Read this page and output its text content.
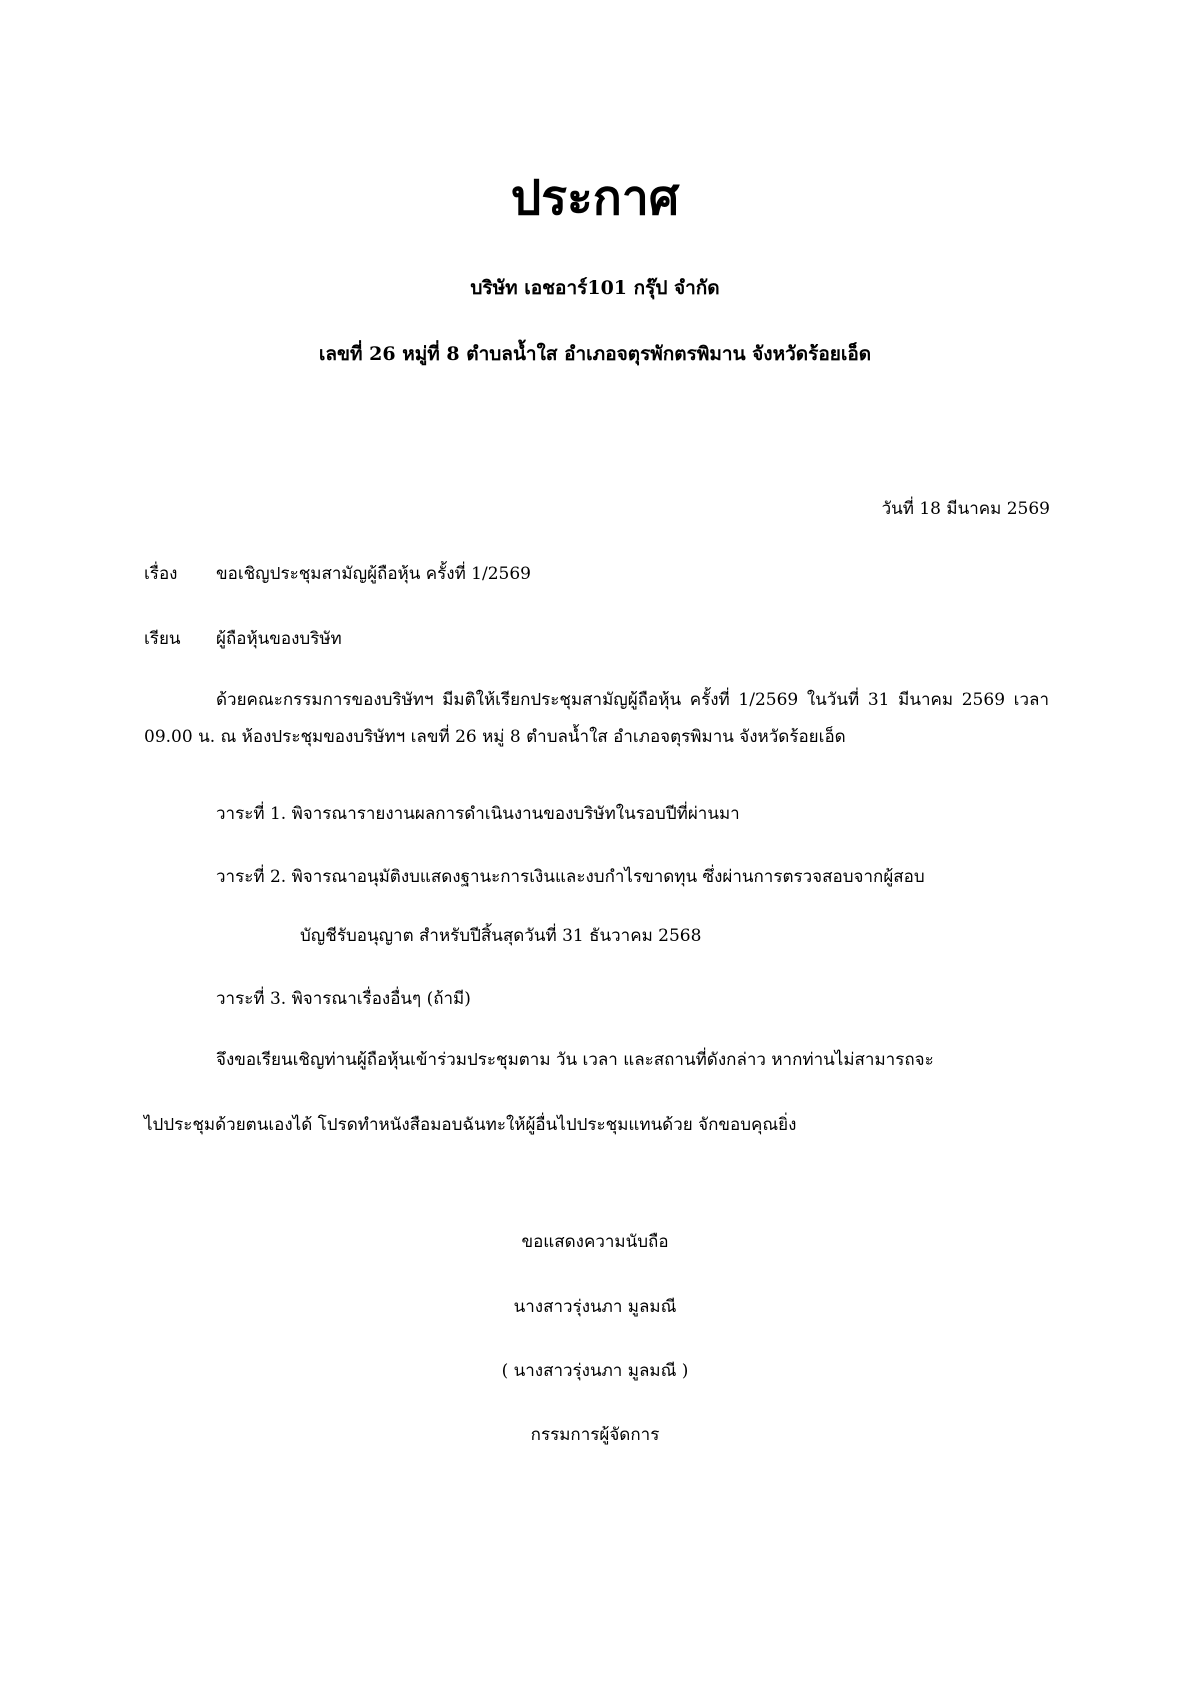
ประกาศ
บริษัท เอชอาร์101 กรุ๊ป จำกัด
เลขที่ 26 หมู่ที่ 8 ตำบลน้ำใส อำเภอจตุรพักตรพิมาน จังหวัดร้อยเอ็ด
วันที่ 18 มีนาคม 2569
เรื่อง ขอเชิญประชุมสามัญผู้ถือหุ้น ครั้งที่ 1/2569
เรียน ผู้ถือหุ้นของบริษัท
ด้วยคณะกรรมการของบริษัทฯ มีมติให้เรียกประชุมสามัญผู้ถือหุ้น ครั้งที่ 1/2569 ในวันที่ 31 มีนาคม 2569 เวลา 09.00 น. ณ ห้องประชุมของบริษัทฯ เลขที่ 26 หมู่ 8 ตำบลน้ำใส อำเภอจตุรพิมาน จังหวัดร้อยเอ็ด
วาระที่ 1. พิจารณารายงานผลการดำเนินงานของบริษัทในรอบปีที่ผ่านมา
วาระที่ 2. พิจารณาอนุมัติงบแสดงฐานะการเงินและงบกำไรขาดทุน ซึ่งผ่านการตรวจสอบจากผู้สอบ
บัญชีรับอนุญาต สำหรับปีสิ้นสุดวันที่ 31 ธันวาคม 2568
วาระที่ 3. พิจารณาเรื่องอื่นๆ (ถ้ามี)
จึงขอเรียนเชิญท่านผู้ถือหุ้นเข้าร่วมประชุมตาม วัน เวลา และสถานที่ดังกล่าว หากท่านไม่สามารถจะ
ไปประชุมด้วยตนเองได้ โปรดทำหนังสือมอบฉันทะให้ผู้อื่นไปประชุมแทนด้วย จักขอบคุณยิ่ง
ขอแสดงความนับถือ
นางสาวรุ่งนภา มูลมณี
( นางสาวรุ่งนภา มูลมณี )
กรรมการผู้จัดการ
